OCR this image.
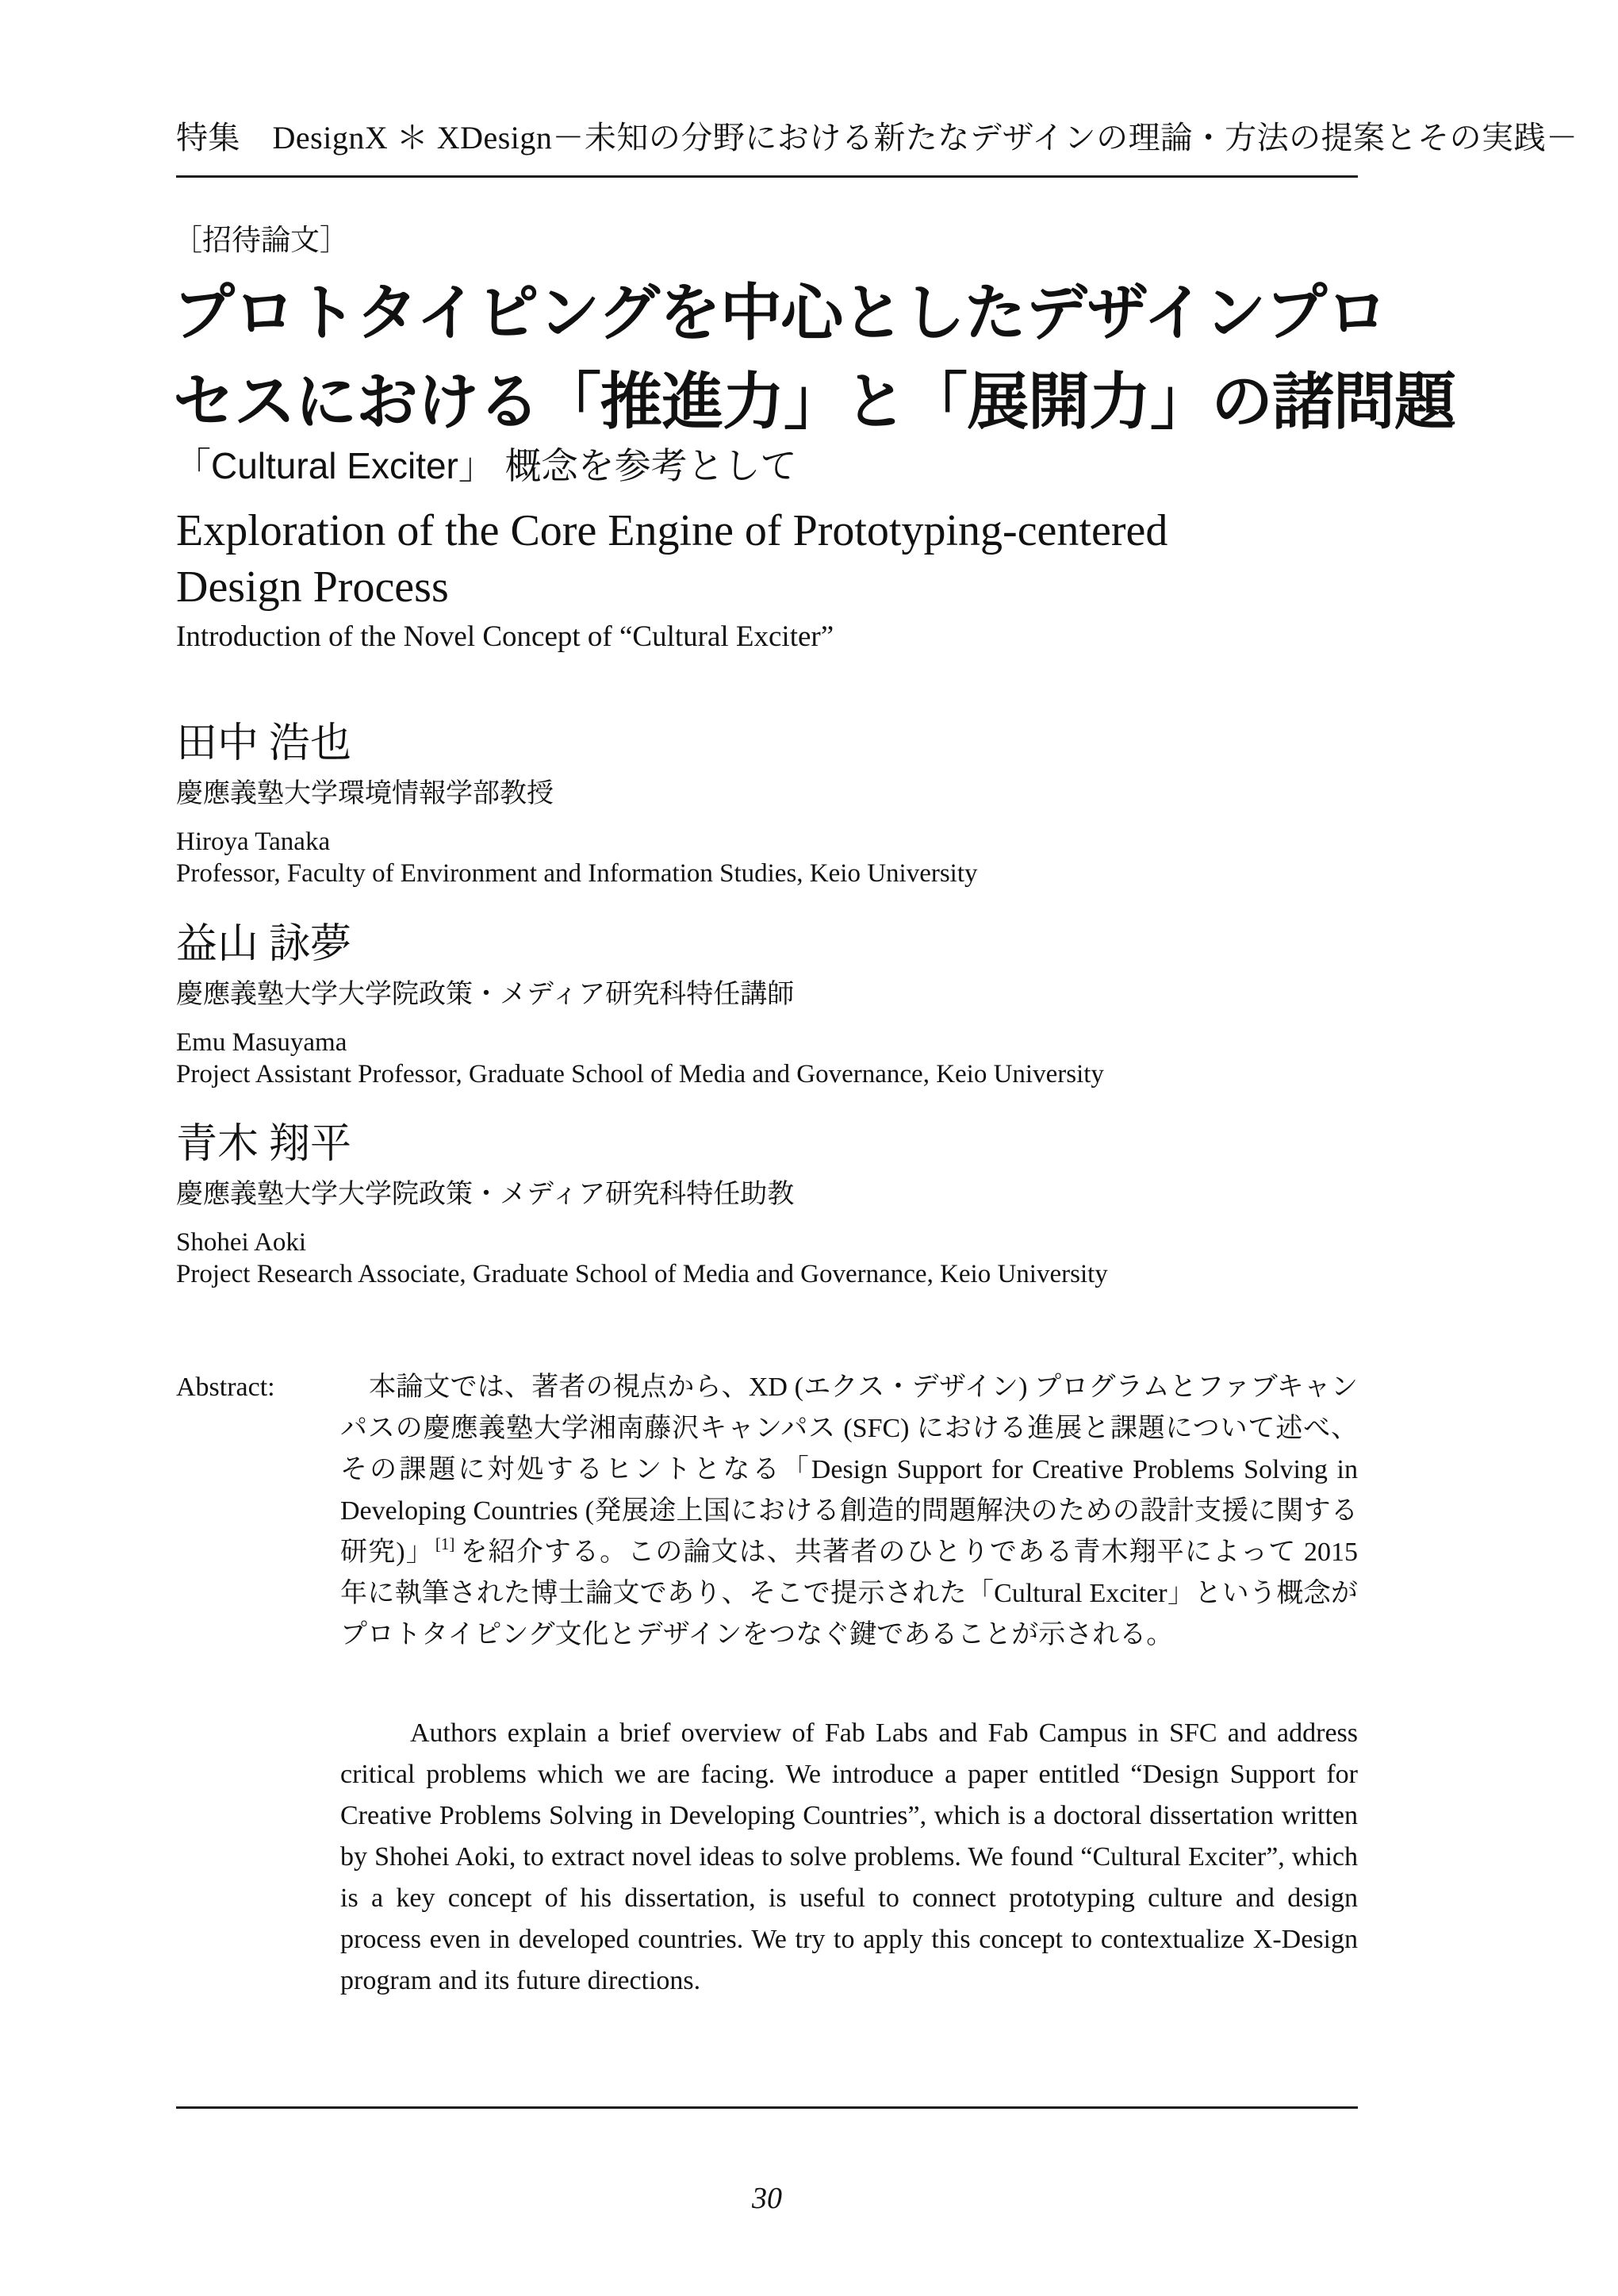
特集　DesignX ＊ XDesign－未知の分野における新たなデザインの理論・方法の提案とその実践－
［招待論文］
プロトタイピングを中心としたデザインプロ
セスにおける「推進力」と「展開力」の諸問題
「Cultural Exciter」 概念を参考として
Exploration of the Core Engine of Prototyping-centered
Design Process
Introduction of the Novel Concept of “Cultural Exciter”
田中 浩也
慶應義塾大学環境情報学部教授
Hiroya Tanaka
Professor, Faculty of Environment and Information Studies, Keio University
益山 詠夢
慶應義塾大学大学院政策・メディア研究科特任講師
Emu Masuyama
Project Assistant Professor, Graduate School of Media and Governance, Keio University
青木 翔平
慶應義塾大学大学院政策・メディア研究科特任助教
Shohei Aoki
Project Research Associate, Graduate School of Media and Governance, Keio University
Abstract:	本論文では、著者の視点から、XD (エクス・デザイン) プログラムとファブキャンパスの慶應義塾大学湘南藤沢キャンパス (SFC) における進展と課題について述べ、その課題に対処するヒントとなる「Design Support for Creative Problems Solving in Developing Countries (発展途上国における創造的問題解決のための設計支援に関する研究)」[1] を紹介する。この論文は、共著者のひとりである青木翔平によって 2015 年に執筆された博士論文であり、そこで提示された「Cultural Exciter」という概念がプロトタイピング文化とデザインをつなぐ鍵であることが示される。

Authors explain a brief overview of Fab Labs and Fab Campus in SFC and address critical problems which we are facing. We introduce a paper entitled “Design Support for Creative Problems Solving in Developing Countries”, which is a doctoral dissertation written by Shohei Aoki, to extract novel ideas to solve problems. We found “Cultural Exciter”, which is a key concept of his dissertation, is useful to connect prototyping culture and design process even in developed countries. We try to apply this concept to contextualize X-Design program and its future directions.

30
